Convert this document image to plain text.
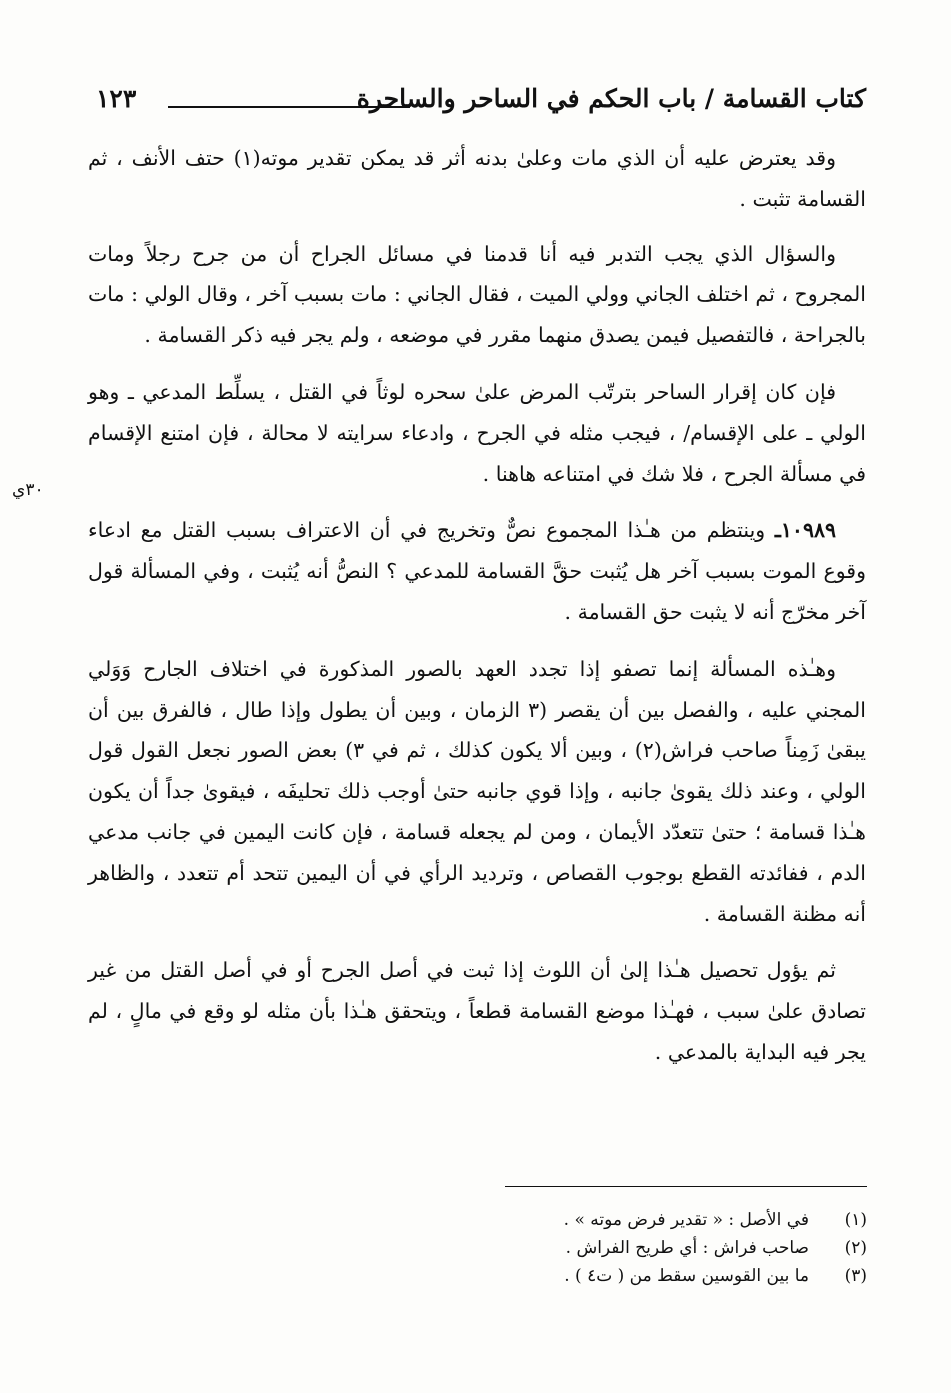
كتاب القسامة / باب الحكم في الساحر والساحرة
١٢٣

وقد يعترض عليه أن الذي مات وعلىٰ بدنه أثر قد يمكن تقدير موته(١) حتف الأنف ، ثم القسامة تثبت .

والسؤال الذي يجب التدبر فيه أنا قدمنا في مسائل الجراح أن من جرح رجلاً ومات المجروح ، ثم اختلف الجاني وولي الميت ، فقال الجاني : مات بسبب آخر ، وقال الولي : مات بالجراحة ، فالتفصيل فيمن يصدق منهما مقرر في موضعه ، ولم يجر فيه ذكر القسامة .

فإن كان إقرار الساحر بترتّب المرض علىٰ سحره لوثاً في القتل ، يسلِّط المدعي ـ وهو الولي ـ على الإقسام/ ، فيجب مثله في الجرح ، وادعاء سرايته لا محالة ، فإن امتنع الإقسام في مسألة الجرح ، فلا شك في امتناعه هاهنا .

١٠٩٨٩ـ وينتظم من هـٰذا المجموع نصٌّ وتخريج في أن الاعتراف بسبب القتل مع ادعاء وقوع الموت بسبب آخر هل يُثبت حقَّ القسامة للمدعي ؟ النصُّ أنه يُثبت ، وفي المسألة قول آخر مخرّج أنه لا يثبت حق القسامة .

وهـٰذه المسألة إنما تصفو إذا تجدد العهد بالصور المذكورة في اختلاف الجارح وَوَلي المجني عليه ، والفصل بين أن يقصر (٣ الزمان ، وبين أن يطول وإذا طال ، فالفرق بين أن يبقىٰ زَمِناً صاحب فراش(٢) ، وبين ألا يكون كذلك ، ثم في ٣) بعض الصور نجعل القول قول الولي ، وعند ذلك يقوىٰ جانبه ، وإذا قوي جانبه حتىٰ أوجب ذلك تحليفَه ، فيقوىٰ جداً أن يكون هـٰذا قسامة ؛ حتىٰ تتعدّد الأيمان ، ومن لم يجعله قسامة ، فإن كانت اليمين في جانب مدعي الدم ، ففائدته القطع بوجوب القصاص ، وترديد الرأي في أن اليمين تتحد أم تتعدد ، والظاهر أنه مظنة القسامة .

ثم يؤول تحصيل هـٰذا إلىٰ أن اللوث إذا ثبت في أصل الجرح أو في أصل القتل من غير تصادق علىٰ سبب ، فهـٰذا موضع القسامة قطعاً ، ويتحقق هـٰذا بأن مثله لو وقع في مالٍ ، لم يجر فيه البداية بالمدعي .

٣٠ي
(١)في الأصل : « تقدير فرض موته » .
(٢)صاحب فراش : أي طريح الفراش .
(٣)ما بين القوسين سقط من ( ت٤ ) .
